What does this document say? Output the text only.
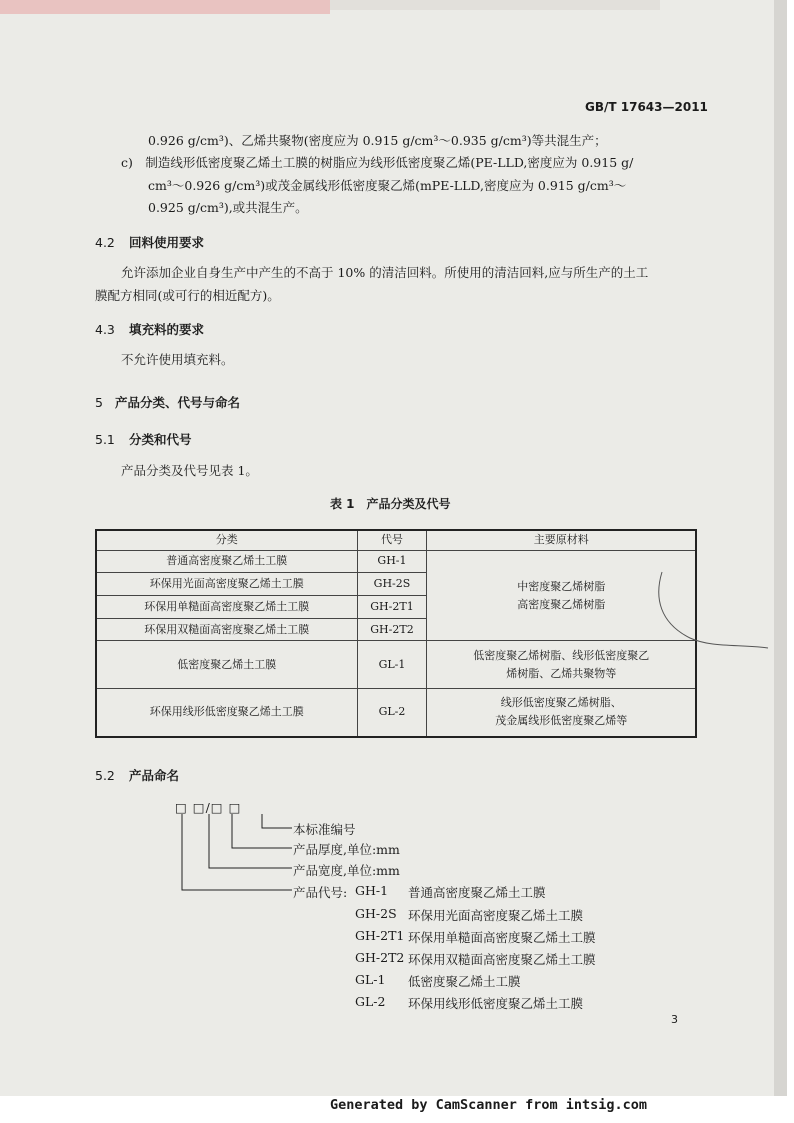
GB/T 17643—2011
0.926 g/cm³)、乙烯共聚物(密度应为 0.915 g/cm³～0.935 g/cm³)等共混生产；
c)　制造线形低密度聚乙烯土工膜的树脂应为线形低密度聚乙烯(PE-LLD,密度应为 0.915 g/
cm³～0.926 g/cm³)或茂金属线形低密度聚乙烯(mPE-LLD,密度应为 0.915 g/cm³～
0.925 g/cm³),或共混生产。
4.2 回料使用要求
允许添加企业自身生产中产生的不高于 10% 的清洁回料。所使用的清洁回料,应与所生产的土工
膜配方相同(或可行的相近配方)。
4.3 填充料的要求
不允许使用填充料。
5 产品分类、代号与命名
5.1 分类和代号
产品分类及代号见表 1。
表 1　产品分类及代号
分类	代号	主要原材料
普通高密度聚乙烯土工膜	GH-1	中密度聚乙烯树脂
高密度聚乙烯树脂

环保用光面高密度聚乙烯土工膜	GH-2S	
环保用单糙面高密度聚乙烯土工膜	GH-2T1	
环保用双糙面高密度聚乙烯土工膜	GH-2T2	
低密度聚乙烯土工膜	GL-1	低密度聚乙烯树脂、线形低密度聚乙
烯树脂、乙烯共聚物等

环保用线形低密度聚乙烯土工膜	GL-2	线形低密度聚乙烯树脂、
茂金属线形低密度聚乙烯等
5.2 产品命名
□ □/□ □
本标准编号
产品厚度,单位:mm
产品宽度,单位:mm
产品代号: GH-1 普通高密度聚乙烯土工膜
GH-2S 环保用光面高密度聚乙烯土工膜
GH-2T1 环保用单糙面高密度聚乙烯土工膜
GH-2T2 环保用双糙面高密度聚乙烯土工膜
GL-1 低密度聚乙烯土工膜
GL-2 环保用线形低密度聚乙烯土工膜
3
Generated by CamScanner from intsig.com
